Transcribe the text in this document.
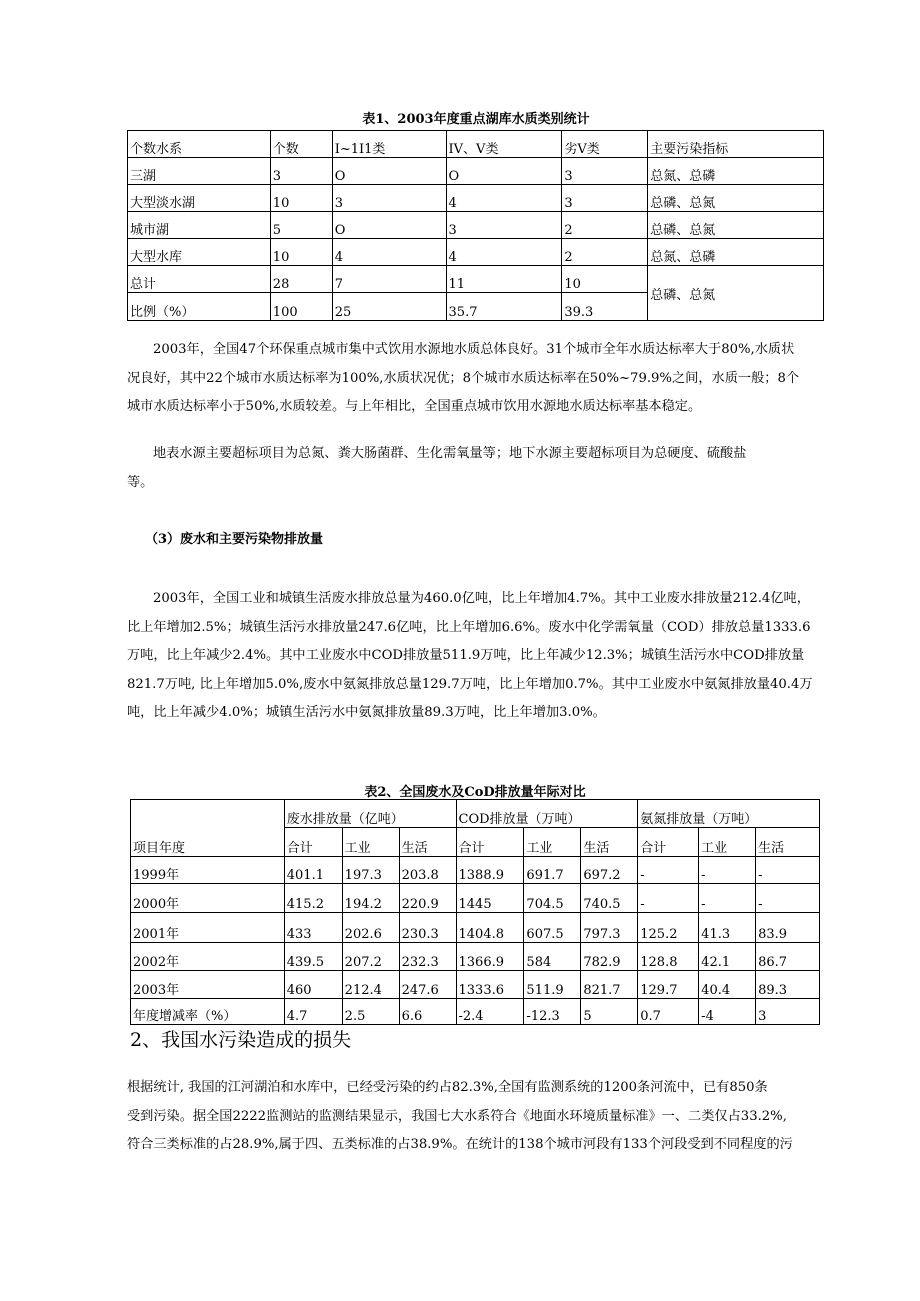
表1、2003年度重点湖库水质类别统计
个数水系	个数	I~1I1类	IV、V类	劣V类	主要污染指标
三湖	3	O	O	3	总氮、总磷
大型淡水湖	10	3	4	3	总磷、总氮
城市湖	5	O	3	2	总磷、总氮
大型水库	10	4	4	2	总氮、总磷
总计	28	7	11	10	总磷、总氮
比例（%）	100	25	35.7	39.3	
2003年，全国47个环保重点城市集中式饮用水源地水质总体良好。31个城市全年水质达标率大于80%,水质状
况良好，其中22个城市水质达标率为100%,水质状况优；8个城市水质达标率在50%~79.9%之间，水质一般；8个
城市水质达标率小于50%,水质较差。与上年相比，全国重点城市饮用水源地水质达标率基本稳定。
地表水源主要超标项目为总氮、粪大肠菌群、生化需氧量等；地下水源主要超标项目为总硬度、硫酸盐
等。
（3）废水和主要污染物排放量
2003年，全国工业和城镇生活废水排放总量为460.0亿吨，比上年增加4.7%。其中工业废水排放量212.4亿吨，
比上年增加2.5%；城镇生活污水排放量247.6亿吨，比上年增加6.6%。废水中化学需氧量（COD）排放总量1333.6
万吨，比上年减少2.4%。其中工业废水中COD排放量511.9万吨，比上年减少12.3%；城镇生活污水中COD排放量
821.7万吨, 比上年增加5.0%,废水中氨氮排放总量129.7万吨，比上年增加0.7%。其中工业废水中氨氮排放量40.4万
吨，比上年减少4.0%；城镇生活污水中氨氮排放量89.3万吨，比上年增加3.0%。
表2、全国废水及CoD排放量年际对比
项目年度	废水排放量（亿吨）			COD排放量（万吨）			氨氮排放量（万吨）		
	合计	工业	生活	合计	工业	生活	合计	工业	生活
1999年	401.1	197.3	203.8	1388.9	691.7	697.2	-	-	-
2000年	415.2	194.2	220.9	1445	704.5	740.5	-	-	-
2001年	433	202.6	230.3	1404.8	607.5	797.3	125.2	41.3	83.9
2002年	439.5	207.2	232.3	1366.9	584	782.9	128.8	42.1	86.7
2003年	460	212.4	247.6	1333.6	511.9	821.7	129.7	40.4	89.3
年度增减率（%）	4.7	2.5	6.6	-2.4	-12.3	5	0.7	-4	3
2、我国水污染造成的损失
根据统计, 我国的江河湖泊和水库中，已经受污染的约占82.3%,全国有监测系统的1200条河流中，已有850条
受到污染。据全国2222监测站的监测结果显示，我国七大水系符合《地面水环境质量标准》一、二类仅占33.2%,
符合三类标准的占28.9%,属于四、五类标准的占38.9%。在统计的138个城市河段有133个河段受到不同程度的污
